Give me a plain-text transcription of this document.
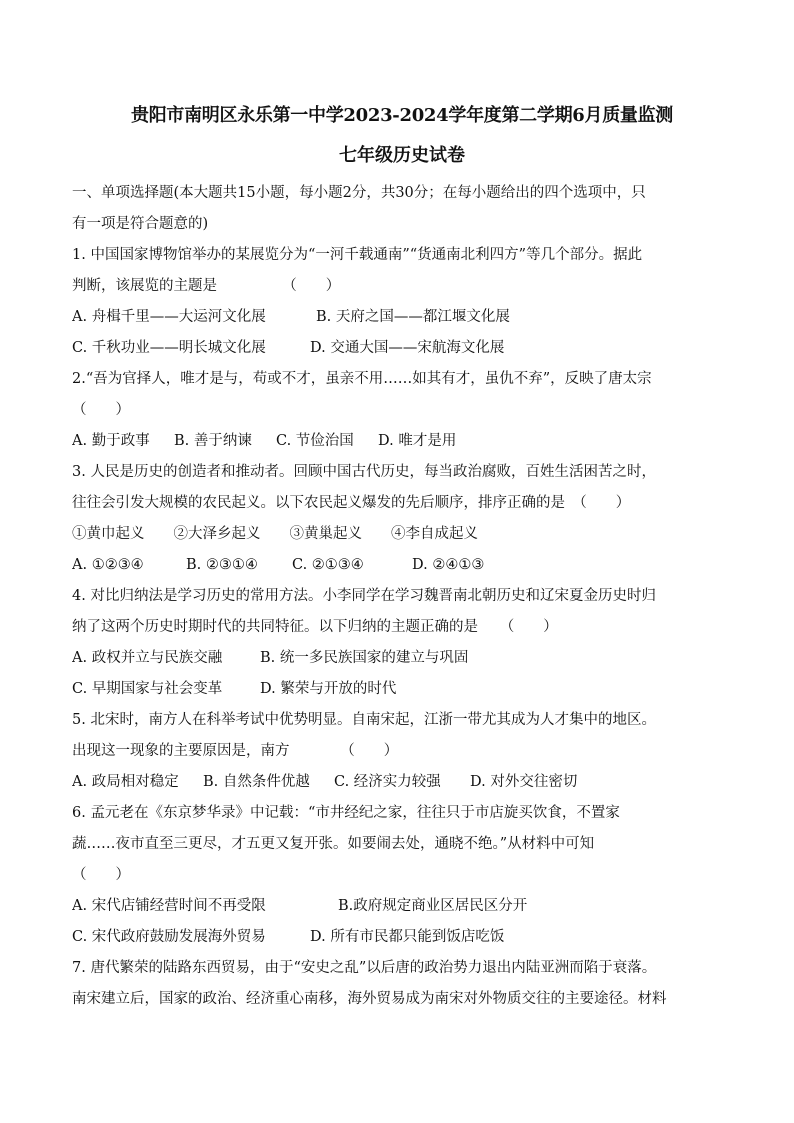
贵阳市南明区永乐第一中学2023-2024学年度第二学期6月质量监测
七年级历史试卷
一、单项选择题(本大题共15小题，每小题2分，共30分；在每小题给出的四个选项中，只
有一项是符合题意的)
1. 中国国家博物馆举办的某展览分为“一河千载通南”“货通南北利四方”等几个部分。据此
判断，该展览的主题是　　　　　（　　）
A. 舟楫千里——大运河文化展	B. 天府之国——都江堰文化展
C. 千秋功业——明长城文化展	D. 交通大国——宋航海文化展
2.“吾为官择人，唯才是与，苟或不才，虽亲不用……如其有才，虽仇不弃”，反映了唐太宗
（　　）
A. 勤于政事 B. 善于纳谏 C. 节俭治国 D. 唯才是用
3. 人民是历史的创造者和推动者。回顾中国古代历史，每当政治腐败，百姓生活困苦之时，
往往会引发大规模的农民起义。以下农民起义爆发的先后顺序，排序正确的是　（　　）
①黄巾起义　　②大泽乡起义　　③黄巢起义　　④李自成起义
A. ①②③④	B. ②③①④ C. ②①③④	D. ②④①③
4. 对比归纳法是学习历史的常用方法。小李同学在学习魏晋南北朝历史和辽宋夏金历史时归
纳了这两个历史时期时代的共同特征。以下归纳的主题正确的是　　（　　）
A. 政权并立与民族交融	B. 统一多民族国家的建立与巩固
C. 早期国家与社会变革	D. 繁荣与开放的时代
5. 北宋时，南方人在科举考试中优势明显。自南宋起，江浙一带尤其成为人才集中的地区。
出现这一现象的主要原因是，南方　　　　（　　）
A. 政局相对稳定 B. 自然条件优越 C. 经济实力较强 D. 对外交往密切
6. 孟元老在《东京梦华录》中记载：“市井经纪之家，往往只于市店旋买饮食，不置家
蔬……夜市直至三更尽，才五更又复开张。如要闹去处，通晓不绝。”从材料中可知
（　　）
A. 宋代店铺经营时间不再受限	B.政府规定商业区居民区分开
C. 宋代政府鼓励发展海外贸易	D. 所有市民都只能到饭店吃饭
7. 唐代繁荣的陆路东西贸易，由于“安史之乱”以后唐的政治势力退出内陆亚洲而陷于衰落。
南宋建立后，国家的政治、经济重心南移，海外贸易成为南宋对外物质交往的主要途径。材料
